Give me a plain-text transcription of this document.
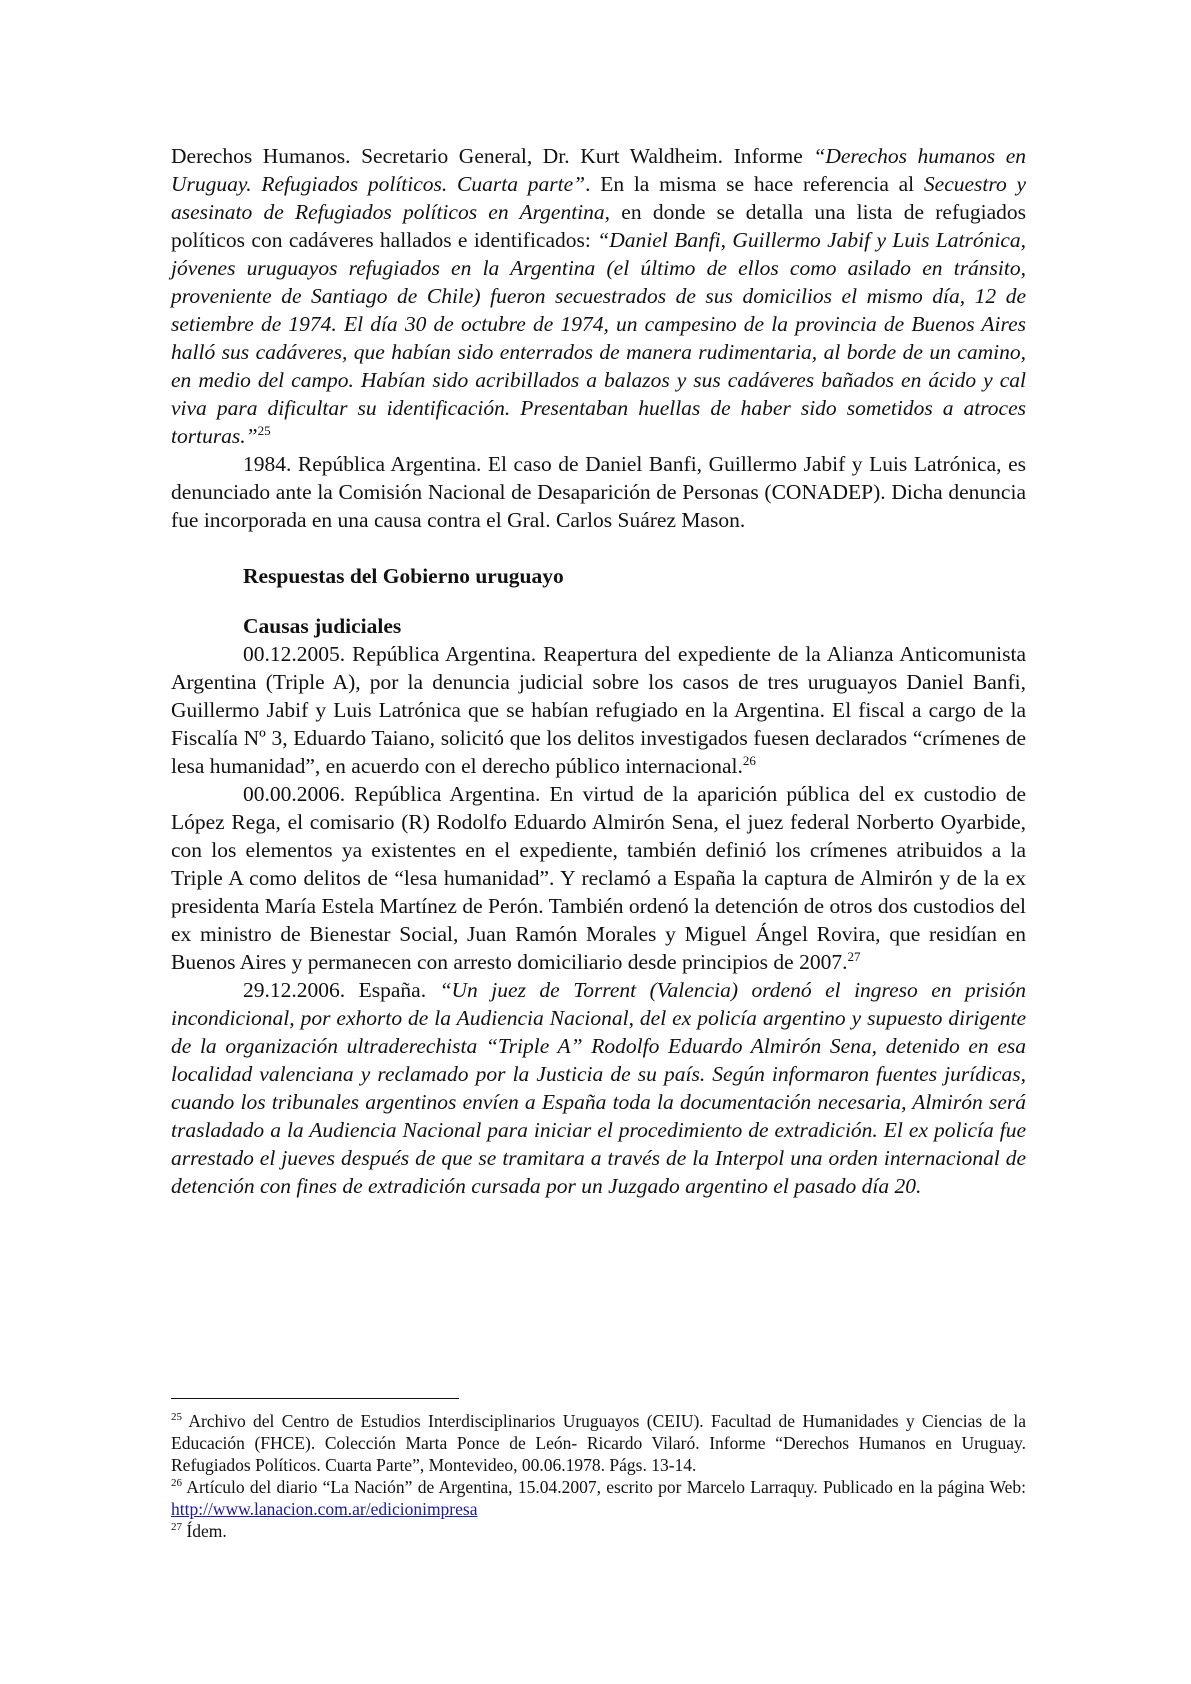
Derechos Humanos. Secretario General, Dr. Kurt Waldheim. Informe “Derechos humanos en Uruguay. Refugiados políticos. Cuarta parte”. En la misma se hace referencia al Secuestro y asesinato de Refugiados políticos en Argentina, en donde se detalla una lista de refugiados políticos con cadáveres hallados e identificados: “Daniel Banfi, Guillermo Jabif y Luis Latrónica, jóvenes uruguayos refugiados en la Argentina (el último de ellos como asilado en tránsito, proveniente de Santiago de Chile) fueron secuestrados de sus domicilios el mismo día, 12 de setiembre de 1974. El día 30 de octubre de 1974, un campesino de la provincia de Buenos Aires halló sus cadáveres, que habían sido enterrados de manera rudimentaria, al borde de un camino, en medio del campo. Habían sido acribillados a balazos y sus cadáveres bañados en ácido y cal viva para dificultar su identificación. Presentaban huellas de haber sido sometidos a atroces torturas.”$^{25}$

1984. República Argentina. El caso de Daniel Banfi, Guillermo Jabif y Luis Latrónica, es denunciado ante la Comisión Nacional de Desaparición de Personas (CONADEP). Dicha denuncia fue incorporada en una causa contra el Gral. Carlos Suárez Mason.

Respuestas del Gobierno uruguayo

Causas judiciales

00.12.2005. República Argentina. Reapertura del expediente de la Alianza Anticomunista Argentina (Triple A), por la denuncia judicial sobre los casos de tres uruguayos Daniel Banfi, Guillermo Jabif y Luis Latrónica que se habían refugiado en la Argentina. El fiscal a cargo de la Fiscalía Nº 3, Eduardo Taiano, solicitó que los delitos investigados fuesen declarados “crímenes de lesa humanidad”, en acuerdo con el derecho público internacional.$^{26}$

00.00.2006. República Argentina. En virtud de la aparición pública del ex custodio de López Rega, el comisario (R) Rodolfo Eduardo Almirón Sena, el juez federal Norberto Oyarbide, con los elementos ya existentes en el expediente, también definió los crímenes atribuidos a la Triple A como delitos de “lesa humanidad”. Y reclamó a España la captura de Almirón y de la ex presidenta María Estela Martínez de Perón. También ordenó la detención de otros dos custodios del ex ministro de Bienestar Social, Juan Ramón Morales y Miguel Ángel Rovira, que residían en Buenos Aires y permanecen con arresto domiciliario desde principios de 2007.27

29.12.2006. España. “Un juez de Torrent (Valencia) ordenó el ingreso en prisión incondicional, por exhorto de la Audiencia Nacional, del ex policía argentino y supuesto dirigente de la organización ultraderechista “Triple A” Rodolfo Eduardo Almirón Sena, detenido en esa localidad valenciana y reclamado por la Justicia de su país. Según informaron fuentes jurídicas, cuando los tribunales argentinos envíen a España toda la documentación necesaria, Almirón será trasladado a la Audiencia Nacional para iniciar el procedimiento de extradición. El ex policía fue arrestado el jueves después de que se tramitara a través de la Interpol una orden internacional de detención con fines de extradición cursada por un Juzgado argentino el pasado día 20.

$^{25}$ Archivo del Centro de Estudios Interdisciplinarios Uruguayos (CEIU). Facultad de Humanidades y Ciencias de la Educación (FHCE). Colección Marta Ponce de León- Ricardo Vilaró. Informe “Derechos Humanos en Uruguay. Refugiados Políticos. Cuarta Parte”, Montevideo, 00.06.1978. Págs. 13-14.

$^{26}$ Artículo del diario “La Nación” de Argentina, 15.04.2007, escrito por Marcelo Larraquy. Publicado en la página Web: http://www.lanacion.com.ar/edicionimpresa

$^{27}$ Ídem.
